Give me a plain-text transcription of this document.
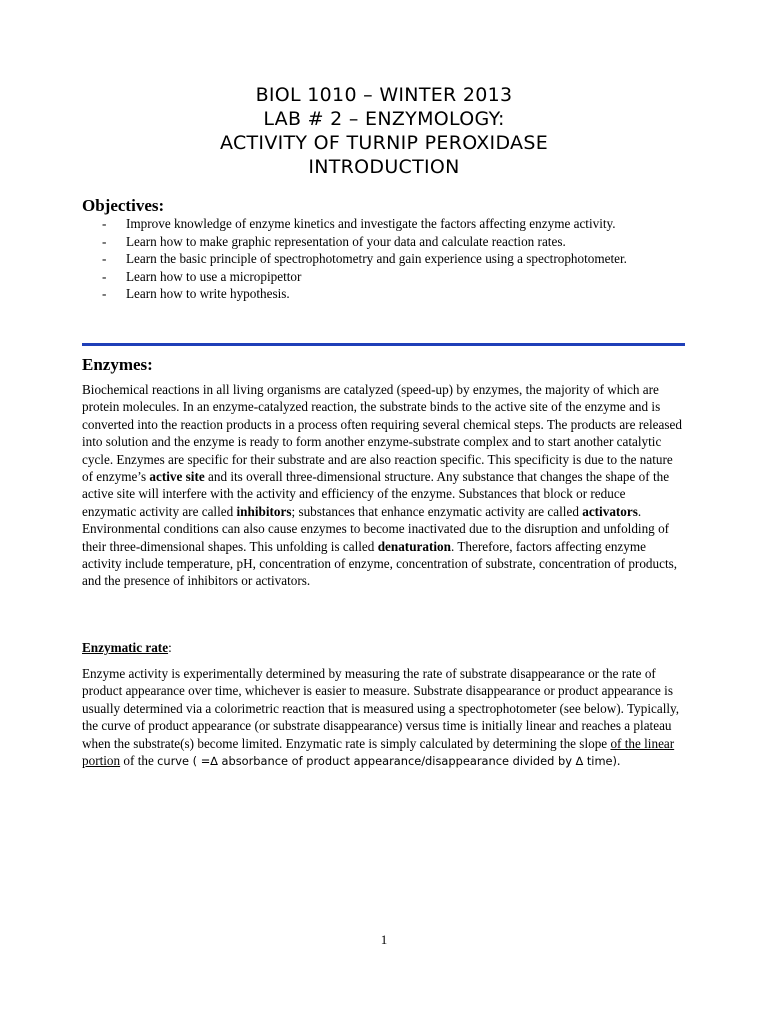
BIOL 1010 – WINTER 2013
LAB # 2 – ENZYMOLOGY:
ACTIVITY OF TURNIP PEROXIDASE
INTRODUCTION
Objectives:
- Improve knowledge of enzyme kinetics and investigate the factors affecting enzyme activity.
- Learn how to make graphic representation of your data and calculate reaction rates.
- Learn the basic principle of spectrophotometry and gain experience using a spectrophotometer.
- Learn how to use a micropipettor
- Learn how to write hypothesis.
Enzymes:

Biochemical reactions in all living organisms are catalyzed (speed-up) by enzymes, the majority of which are protein molecules. In an enzyme-catalyzed reaction, the substrate binds to the active site of the enzyme and is converted into the reaction products in a process often requiring several chemical steps. The products are released into solution and the enzyme is ready to form another enzyme-substrate complex and to start another catalytic cycle. Enzymes are specific for their substrate and are also reaction specific. This specificity is due to the nature of enzyme’s active site and its overall three-dimensional structure. Any substance that changes the shape of the active site will interfere with the activity and efficiency of the enzyme. Substances that block or reduce enzymatic activity are called inhibitors; substances that enhance enzymatic activity are called activators. Environmental conditions can also cause enzymes to become inactivated due to the disruption and unfolding of their three-dimensional shapes. This unfolding is called denaturation. Therefore, factors affecting enzyme activity include temperature, pH, concentration of enzyme, concentration of substrate, concentration of products, and the presence of inhibitors or activators.

Enzymatic rate:

Enzyme activity is experimentally determined by measuring the rate of substrate disappearance or the rate of product appearance over time, whichever is easier to measure. Substrate disappearance or product appearance is usually determined via a colorimetric reaction that is measured using a spectrophotometer (see below). Typically, the curve of product appearance (or substrate disappearance) versus time is initially linear and reaches a plateau when the substrate(s) become limited. Enzymatic rate is simply calculated by determining the slope of the linear portion of the curve ( =∆ absorbance of product appearance/disappearance divided by ∆ time).

1
